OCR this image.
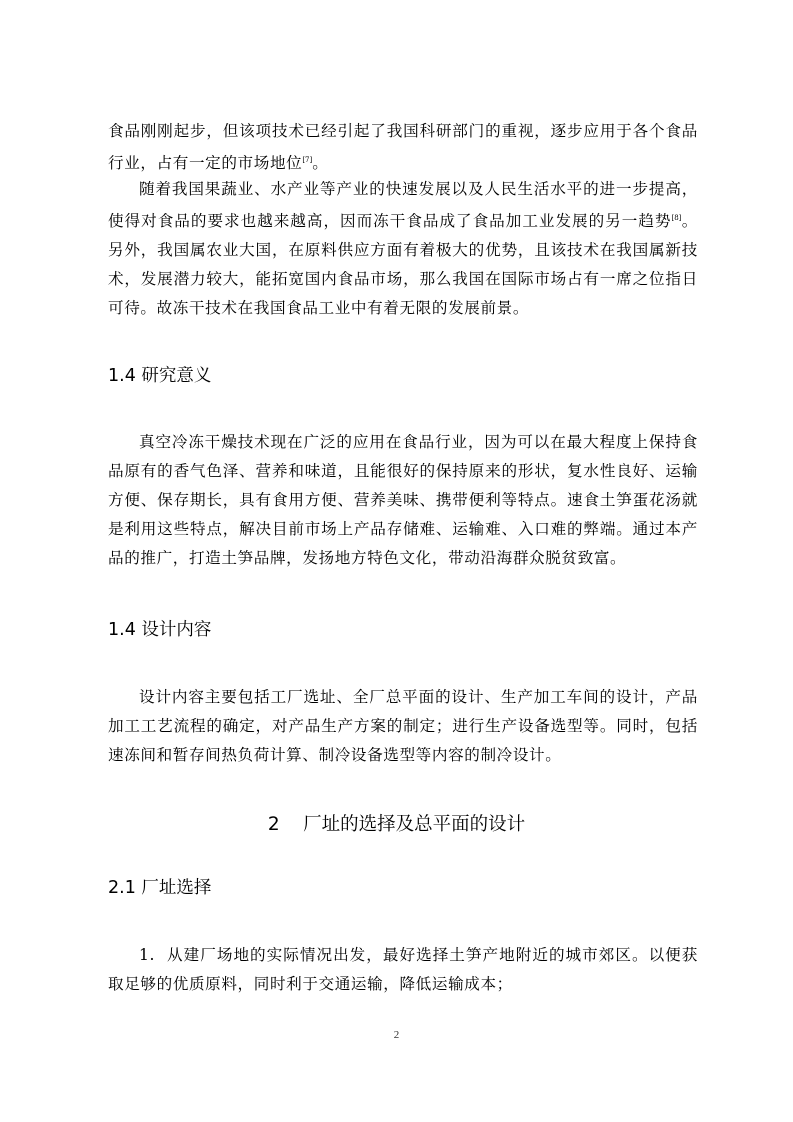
食品刚刚起步，但该项技术已经引起了我国科研部门的重视，逐步应用于各个食品行业，占有一定的市场地位[7]。

随着我国果蔬业、水产业等产业的快速发展以及人民生活水平的进一步提高，使得对食品的要求也越来越高，因而冻干食品成了食品加工业发展的另一趋势[8]。另外，我国属农业大国，在原料供应方面有着极大的优势，且该技术在我国属新技术，发展潜力较大，能拓宽国内食品市场，那么我国在国际市场占有一席之位指日可待。故冻干技术在我国食品工业中有着无限的发展前景。

1.4 研究意义

真空冷冻干燥技术现在广泛的应用在食品行业，因为可以在最大程度上保持食品原有的香气色泽、营养和味道，且能很好的保持原来的形状，复水性良好、运输方便、保存期长，具有食用方便、营养美味、携带便利等特点。速食土笋蛋花汤就是利用这些特点，解决目前市场上产品存储难、运输难、入口难的弊端。通过本产品的推广，打造土笋品牌，发扬地方特色文化，带动沿海群众脱贫致富。

1.4 设计内容

设计内容主要包括工厂选址、全厂总平面的设计、生产加工车间的设计，产品加工工艺流程的确定，对产品生产方案的制定；进行生产设备选型等。同时，包括速冻间和暂存间热负荷计算、制冷设备选型等内容的制冷设计。

2    厂址的选择及总平面的设计
2.1 厂址选择

1.  从建厂场地的实际情况出发，最好选择土笋产地附近的城市郊区。以便获取足够的优质原料，同时利于交通运输，降低运输成本；

2
